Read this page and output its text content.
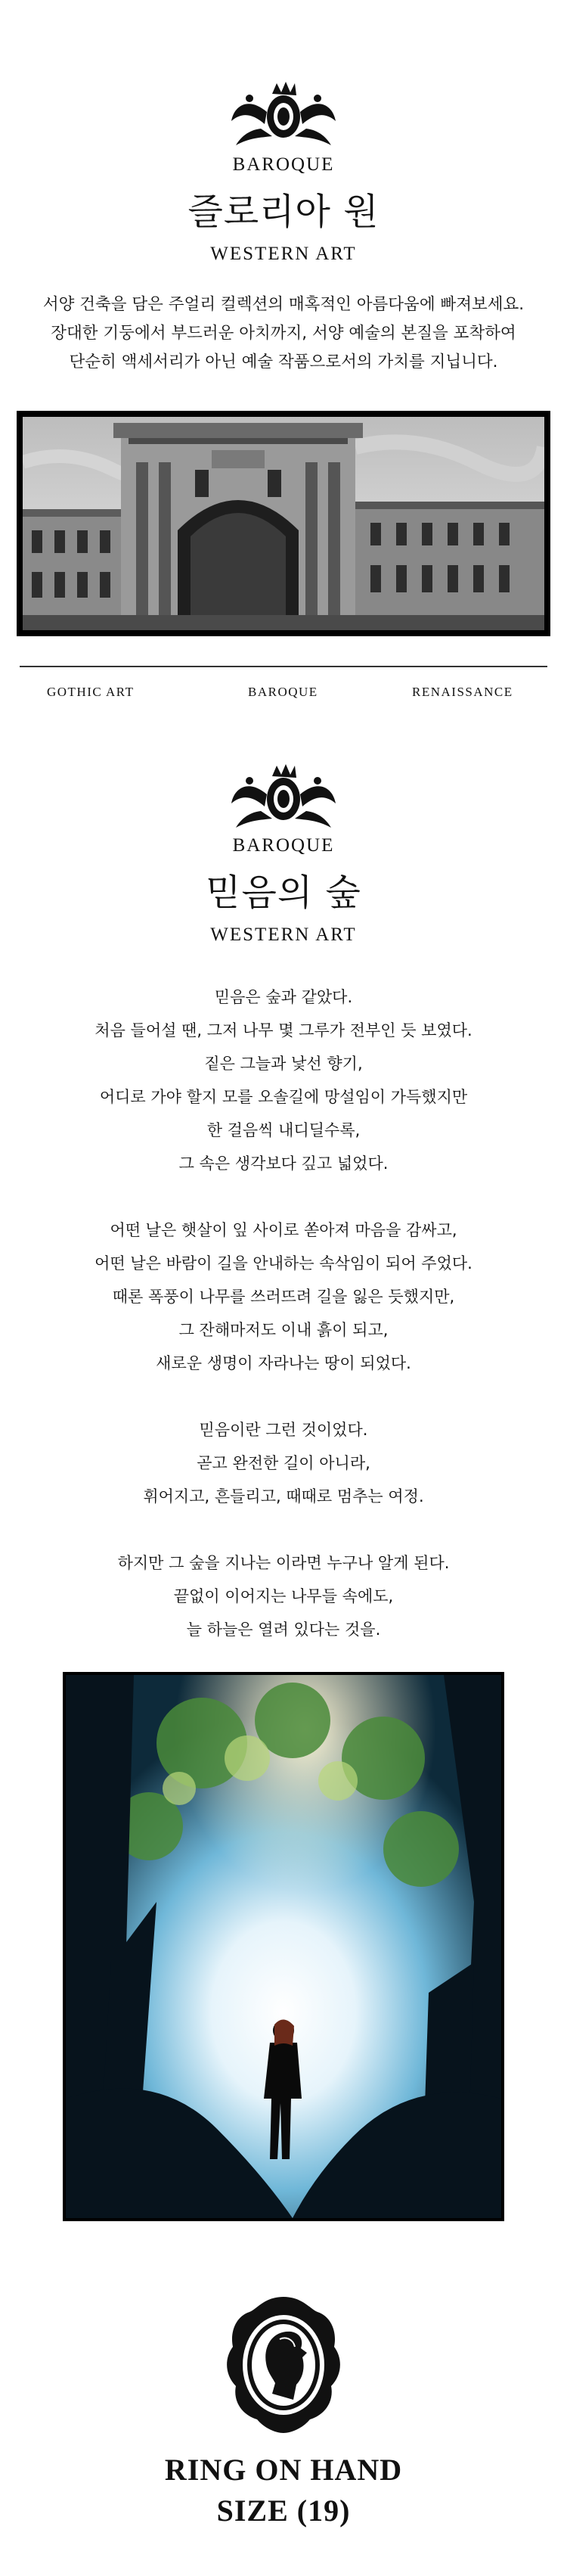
BAROQUE
즐로리아 원
WESTERN ART
서양 건축을 담은 주얼리 컬렉션의 매혹적인 아름다움에 빠져보세요.
장대한 기둥에서 부드러운 아치까지, 서양 예술의 본질을 포착하여
단순히 액세서리가 아닌 예술 작품으로서의 가치를 지닙니다.
GOTHIC ART	BAROQUE	RENAISSANCE
BAROQUE
믿음의 숲
WESTERN ART
믿음은 숲과 같았다.
처음 들어설 땐, 그저 나무 몇 그루가 전부인 듯 보였다.
짙은 그늘과 낯선 향기,
어디로 가야 할지 모를 오솔길에 망설임이 가득했지만
한 걸음씩 내디딜수록,
그 속은 생각보다 깊고 넓었다.
어떤 날은 햇살이 잎 사이로 쏟아져 마음을 감싸고,
어떤 날은 바람이 길을 안내하는 속삭임이 되어 주었다.
때론 폭풍이 나무를 쓰러뜨려 길을 잃은 듯했지만,
그 잔해마저도 이내 흙이 되고,
새로운 생명이 자라나는 땅이 되었다.
믿음이란 그런 것이었다.
곧고 완전한 길이 아니라,
휘어지고, 흔들리고, 때때로 멈추는 여정.
하지만 그 숲을 지나는 이라면 누구나 알게 된다.
끝없이 이어지는 나무들 속에도,
늘 하늘은 열려 있다는 것을.
RING ON HAND
SIZE (19)
